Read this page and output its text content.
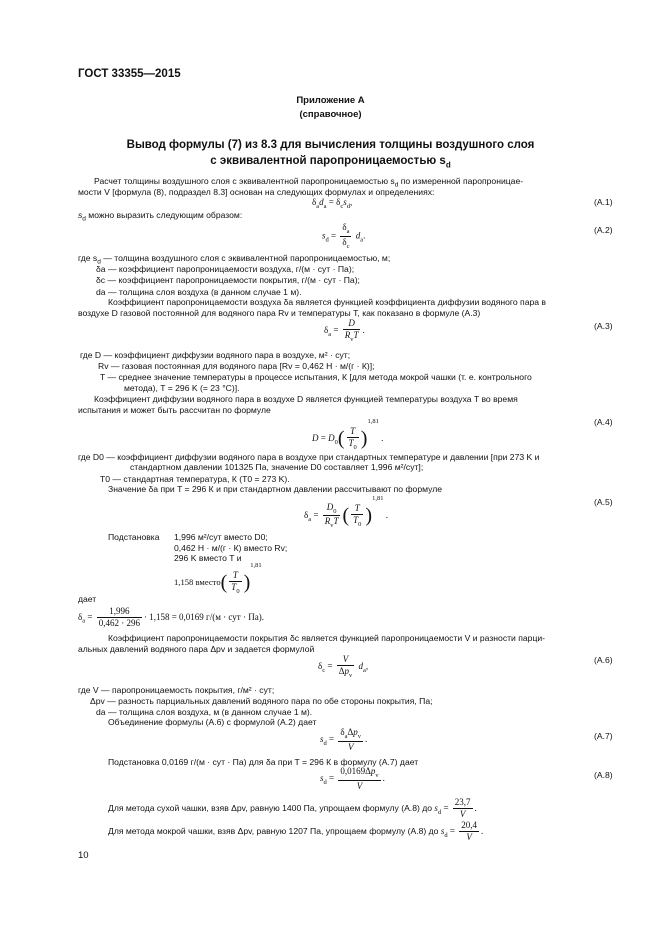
ГОСТ 33355—2015
Приложение А
(справочное)
Вывод формулы (7) из 8.3 для вычисления толщины воздушного слоя
с эквивалентной паропроницаемостью $s_d$
Расчет толщины воздушного слоя с эквивалентной паропроницаемостью $s_d$ по измеренной паропроницае-
мости V [формула (8), подраздел 8.3] основан на следующих формулах и определениях:
$\delta_ad_a = \delta_cs_d$,	(А.1)
$s_d$ можно выразить следующим образом:
$s_d = \frac{\delta_a}{\delta_c} d_a$.
(А.2)
где $s_d$ — толщина воздушного слоя с эквивалентной паропроницаемостью, м;
δa — коэффициент паропроницаемости воздуха, г/(м · сут · Па);
δc — коэффициент паропроницаемости покрытия, г/(м · сут · Па);
da — толщина слоя воздуха (в данном случае 1 м).
Коэффициент паропроницаемости воздуха δa является функцией коэффициента диффузии водяного пара в
воздухе D газовой постоянной для водяного пара Rv и температуры T, как показано в формуле (А.3)
$\delta_a = \frac{D}{R_vT}$ .	(А.3)
где D — коэффициент диффузии водяного пара в воздухе, м² · сут;
Rv — газовая постоянная для водяного пара [Rv = 0,462 Н · м/(г · К)];
T — среднее значение температуры в процессе испытания, К [для метода мокрой чашки (т. е. контрольного
метода), T = 296 K (= 23 °C)].
Коэффициент диффузии водяного пара в воздухе D является функцией температуры воздуха T во время
испытания и может быть рассчитан по формуле
$D = D_0( \frac{T}{T_0} )^{1,81}$ .
(А.4)
где D0 — коэффициент диффузии водяного пара в воздухе при стандартных температуре и давлении [при 273 K и
стандартном давлении 101325 Па, значение D0 составляет 1,996 м²/сут];
T0 — стандартная температура, К (T0 = 273 K).
Значение δa при T = 296 К и при стандартном давлении рассчитывают по формуле
$\delta_a = \frac{D_0}{R_vT}$ ( $\frac{T}{T_0} )^{1,81}$ .
(А.5)
Подстановка 1,996 м²/сут вместо D0;
0,462 Н · м/(г · К) вместо Rv;
296 K вместо T и
1,158 вместо( $\frac{T}{T_0} )^{1,81}$
дает
$\delta_a = \frac{1,996}{0,462 \cdot 296} \cdot 1,158 = 0,0169$ г/(м · сут · Па).
Коэффициент паропроницаемости покрытия δc является функцией паропроницаемости V и разности парци-
альных давлений водяного пара Δpv и задается формулой
$\delta_c = \frac{V}{\Delta p_v} d_a$,
(А.6)
где V — паропроницаемость покрытия, г/м² · сут;
Δpv — разность парциальных давлений водяного пара по обе стороны покрытия, Па;
da — толщина слоя воздуха, м (в данном случае 1 м).
Объединение формулы (А.6) с формулой (А.2) дает
$s_d = \frac{\delta_a\Delta p_v}{V}$ .	(А.7)
Подстановка 0,0169 г/(м · сут · Па) для δa при T = 296 К в формулу (А.7) дает
$s_d = \frac{0,0169\Delta p_v}{V}$ .	(А.8)
Для метода сухой чашки, взяв Δpv, равную 1400 Па, упрощаем формулу (А.8) до $s_d = \frac{23,7}{V}$ .
Для метода мокрой чашки, взяв Δpv, равную 1207 Па, упрощаем формулу (А.8) до $s_d = \frac{20,4}{V}$ .
10
